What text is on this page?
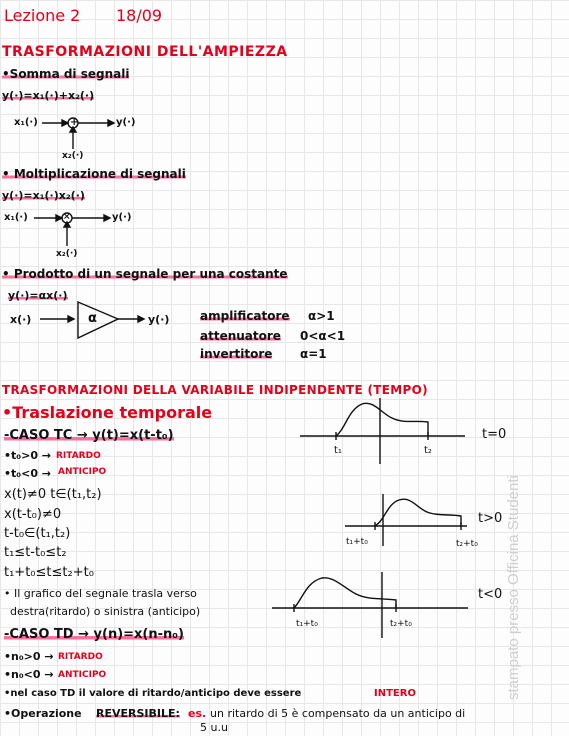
Lezione 2 18/09
TRASFORMAZIONI DELL'AMPIEZZA
•Somma di segnali
y(·)=x₁(·)+x₂(·)
x₁(·)	+	y(·)
x₂(·)
• Moltiplicazione di segnali
y(·)=x₁(·)x₂(·)
x₁(·)	×	y(·)
x₂(·)
• Prodotto di un segnale per una costante
y(·)=αx(·)
x(·)	α	y(·)	amplificatore α>1
attenuatore 0<α<1
invertitore α=1
TRASFORMAZIONI DELLA VARIABILE INDIPENDENTE (TEMPO)
•Traslazione temporale
-CASO TC → y(t)=x(t-t₀)
•t₀>0 → RITARDO
•t₀<0 → ANTICIPO
x(t)≠0 t∈(t₁,t₂)
x(t-t₀)≠0
t-t₀∈(t₁,t₂)
t₁≤t-t₀≤t₂
t₁+t₀≤t≤t₂+t₀
• Il grafico del segnale trasla verso
destra(ritardo) o sinistra (anticipo)
-CASO TD → y(n)=x(n-n₀)
•n₀>0 → RITARDO
•n₀<0 → ANTICIPO
•nel caso TD il valore di ritardo/anticipo deve essere	INTERO
•Operazione REVERSIBILE: es. un ritardo di 5 è compensato da un anticipo di
5 u.u
t₁	t₂
t=0
t₁+t₀	t₂+t₀
t>0
t₁+t₀	t₂+t₀
t<0 stampato presso Officina Studenti
